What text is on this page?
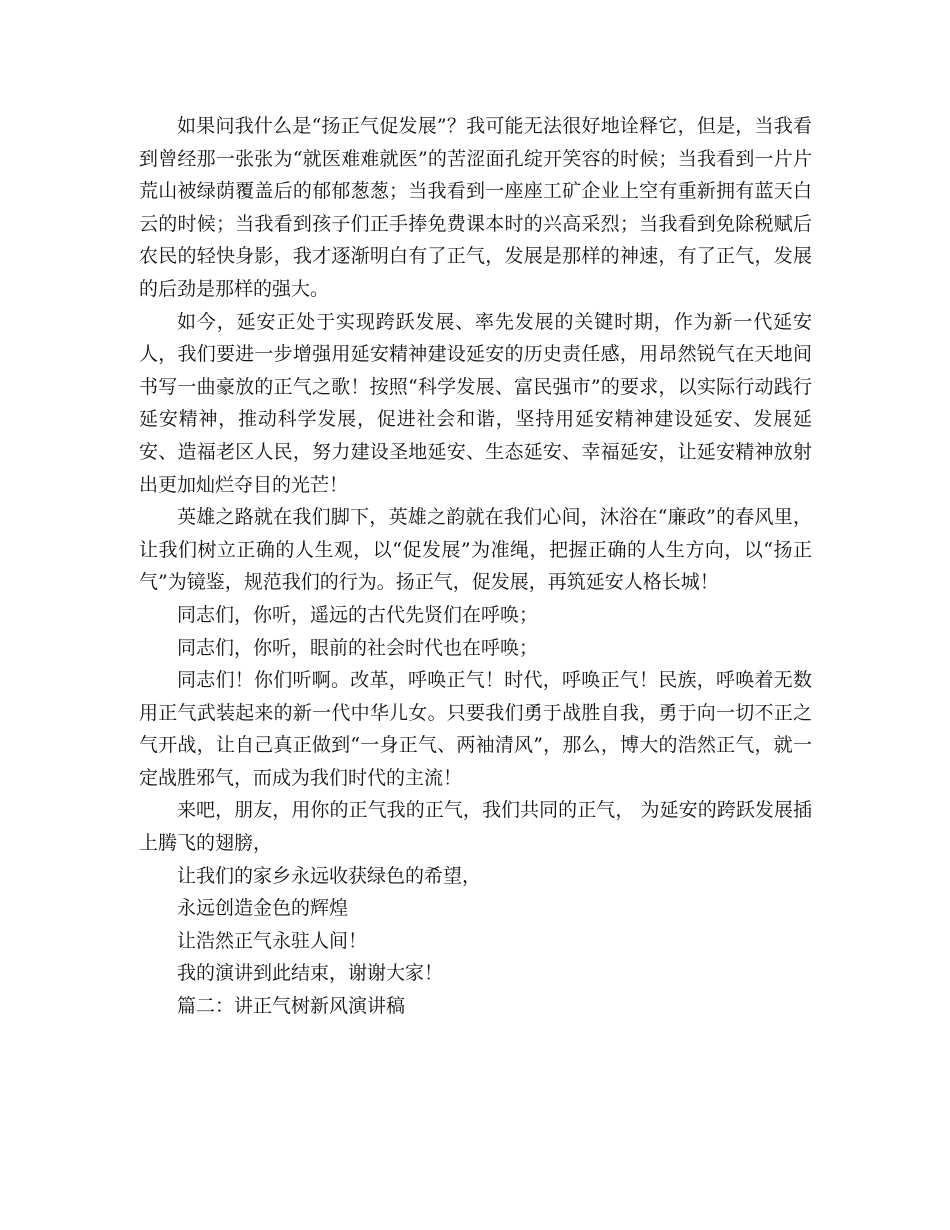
如果问我什么是“扬正气促发展”？我可能无法很好地诠释它，但是，当我看到曾经那一张张为“就医难难就医”的苦涩面孔绽开笑容的时候；当我看到一片片荒山被绿荫覆盖后的郁郁葱葱；当我看到一座座工矿企业上空有重新拥有蓝天白云的时候；当我看到孩子们正手捧免费课本时的兴高采烈；当我看到免除税赋后农民的轻快身影，我才逐渐明白有了正气，发展是那样的神速，有了正气，发展的后劲是那样的强大。

如今，延安正处于实现跨跃发展、率先发展的关键时期，作为新一代延安人，我们要进一步增强用延安精神建设延安的历史责任感，用昂然锐气在天地间书写一曲豪放的正气之歌！按照“科学发展、富民强市”的要求，以实际行动践行延安精神，推动科学发展，促进社会和谐，坚持用延安精神建设延安、发展延安、造福老区人民，努力建设圣地延安、生态延安、幸福延安，让延安精神放射出更加灿烂夺目的光芒！

英雄之路就在我们脚下，英雄之韵就在我们心间，沐浴在“廉政”的春风里，让我们树立正确的人生观，以“促发展”为准绳，把握正确的人生方向，以“扬正气”为镜鉴，规范我们的行为。扬正气，促发展，再筑延安人格长城！

同志们，你听，遥远的古代先贤们在呼唤；

同志们，你听，眼前的社会时代也在呼唤；

同志们！你们听啊。改革，呼唤正气！时代，呼唤正气！民族，呼唤着无数用正气武装起来的新一代中华儿女。只要我们勇于战胜自我，勇于向一切不正之气开战，让自己真正做到“一身正气、两袖清风”，那么，博大的浩然正气，就一定战胜邪气，而成为我们时代的主流！

来吧，朋友，用你的正气我的正气，我们共同的正气， 为延安的跨跃发展插上腾飞的翅膀，

让我们的家乡永远收获绿色的希望，

永远创造金色的辉煌

让浩然正气永驻人间！

我的演讲到此结束，谢谢大家！

篇二：讲正气树新风演讲稿
